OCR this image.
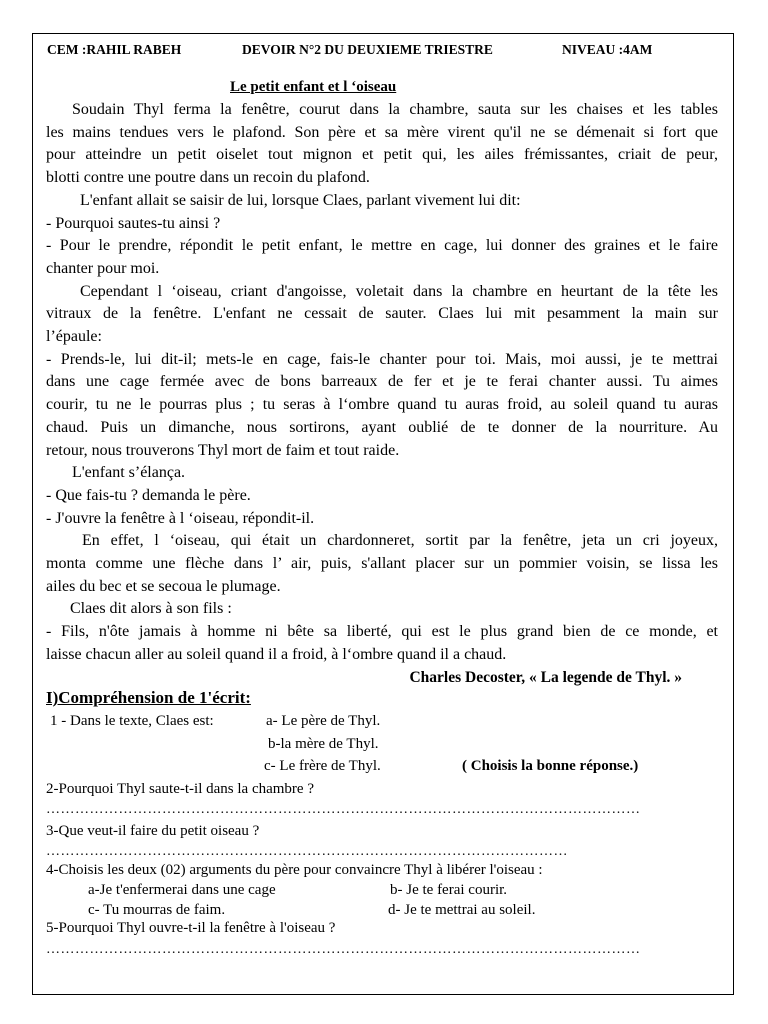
CEM :RAHIL RABEH	DEVOIR N°2 DU DEUXIEME TRIESTRE	NIVEAU :4AM
Le petit enfant et l ‘oiseau
Soudain Thyl ferma la fenêtre, courut dans la chambre, sauta sur les chaises et les tables
les mains tendues vers le plafond. Son père et sa mère virent qu'il ne se démenait si fort que
pour atteindre un petit oiselet tout mignon et petit qui, les ailes frémissantes, criait de peur,
blotti contre une poutre dans un recoin du plafond.
L'enfant allait se saisir de lui, lorsque Claes, parlant vivement lui dit:
- Pourquoi sautes-tu ainsi ?
- Pour le prendre, répondit le petit enfant, le mettre en cage, lui donner des graines et le faire
chanter pour moi.
Cependant l ‘oiseau, criant d'angoisse, voletait dans la chambre en heurtant de la tête les
vitraux de la fenêtre. L'enfant ne cessait de sauter. Claes lui mit pesamment la main sur
l’épaule:
- Prends-le, lui dit-il; mets-le en cage, fais-le chanter pour toi. Mais, moi aussi, je te mettrai
dans une cage fermée avec de bons barreaux de fer et je te ferai chanter aussi. Tu aimes
courir, tu ne le pourras plus ; tu seras à l‘ombre quand tu auras froid, au soleil quand tu auras
chaud. Puis un dimanche, nous sortirons, ayant oublié de te donner de la nourriture. Au
retour, nous trouverons Thyl mort de faim et tout raide.
L'enfant s’élança.
- Que fais-tu ? demanda le père.
- J'ouvre la fenêtre à l ‘oiseau, répondit-il.
En effet, l ‘oiseau, qui était un chardonneret, sortit par la fenêtre, jeta un cri joyeux,
monta comme une flèche dans l’ air, puis, s'allant placer sur un pommier voisin, se lissa les
ailes du bec et se secoua le plumage.
Claes dit alors à son fils :
- Fils, n'ôte jamais à homme ni bête sa liberté, qui est le plus grand bien de ce monde, et
laisse chacun aller au soleil quand il a froid, à l‘ombre quand il a chaud.
Charles Decoster, « La legende de Thyl. »
I)Compréhension de 1'écrit:
1 - Dans le texte, Claes est:	a- Le père de Thyl.
b-la mère de Thyl.
c- Le frère de Thyl.	( Choisis la bonne réponse.)
2-Pourquoi Thyl saute-t-il dans la chambre ?
……………………………………………………………………………………………………………
3-Que veut-il faire du petit oiseau ?
………………………………………………………………………………………………
4-Choisis les deux (02) arguments du père pour convaincre Thyl à libérer l'oiseau :
a-Je t'enfermerai dans une cage	b- Je te ferai courir.
c- Tu mourras de faim.	d- Je te mettrai au soleil.
5-Pourquoi Thyl ouvre-t-il la fenêtre à l'oiseau ?
……………………………………………………………………………………………………………
